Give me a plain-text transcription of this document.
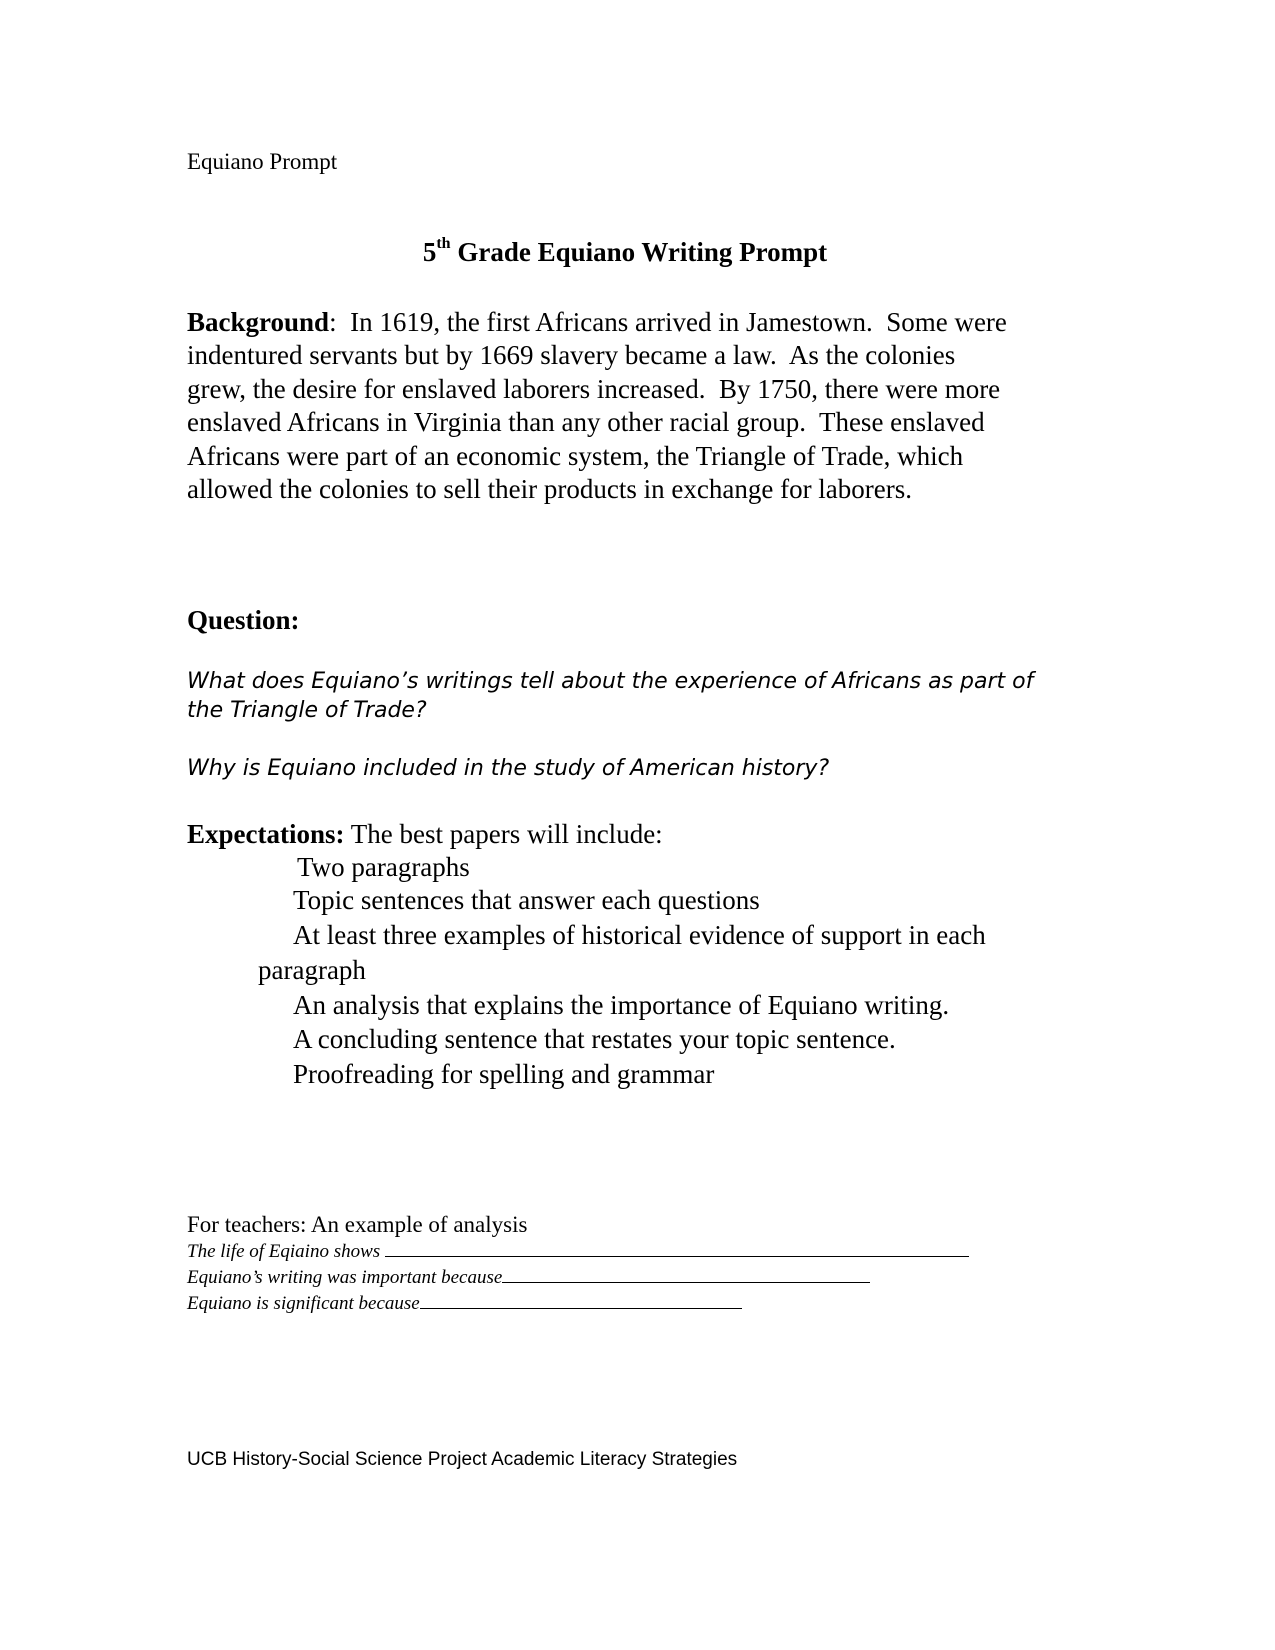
Equiano Prompt
5th Grade Equiano Writing Prompt
Background:  In 1619, the first Africans arrived in Jamestown.  Some were
indentured servants but by 1669 slavery became a law.  As the colonies
grew, the desire for enslaved laborers increased.  By 1750, there were more
enslaved Africans in Virginia than any other racial group.  These enslaved
Africans were part of an economic system, the Triangle of Trade, which
allowed the colonies to sell their products in exchange for laborers.
Question:
What does Equiano’s writings tell about the experience of Africans as part of
the Triangle of Trade?
Why is Equiano included in the study of American history?
Expectations: The best papers will include:
Two paragraphs
Topic sentences that answer each questions
At least three examples of historical evidence of support in each
paragraph
An analysis that explains the importance of Equiano writing.
A concluding sentence that restates your topic sentence.
Proofreading for spelling and grammar
For teachers: An example of analysis
The life of Eqiaino shows
Equiano’s writing was important because
Equiano is significant because
UCB History-Social Science Project Academic Literacy Strategies
